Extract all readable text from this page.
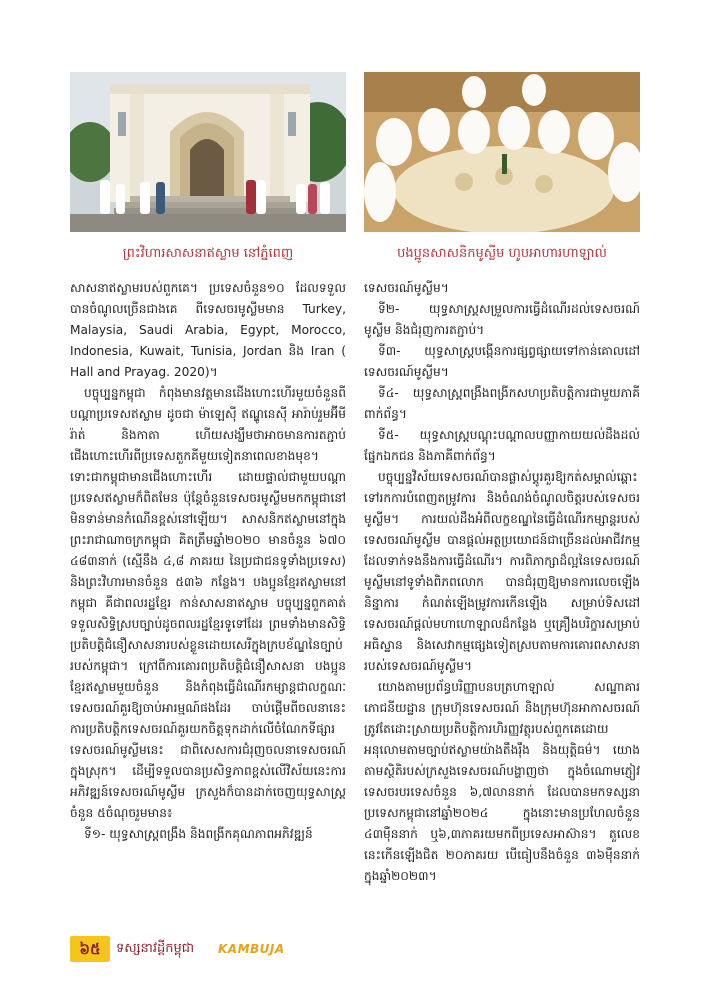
ព្រះវិហារសាសនាឥស្លាម នៅភ្នំពេញ	បងប្អូនសាសនិកមូស្លីម ហូបអាហារហាឡាល់

សាសនាឥស្លាមរបស់ពួកគេ។ ប្រទេសចំនួន១០ ដែលទទួលបានចំណូលច្រើនជាងគេ ពីទេសចរមូស្លីមមាន Turkey, Malaysia, Saudi Arabia, Egypt, Morocco, Indonesia, Kuwait, Tunisia, Jordan និង Iran ( Hall and Prayag. 2020)។

បច្ចុប្បន្នកម្ពុជា កំពុងមានវត្តមានដើងហោះហើរមួយចំនួនពីបណ្តាប្រទេសឥស្លាម ដូចជា ម៉ាឡេស៊ី ឥណ្ឌូនេស៊ី អារ៉ាប់រួមអ៊ីមីរ៉ាត់ និងកាតា ហើយសង្ឃឹមថាអាចមានការតភ្ជាប់ជើងហោះហើរពីប្រទេសតួកគីមួយទៀតនាពេលខាងមុខ។ ទោះជាកម្ពុជាមានជើងហោះហើរ ដោយផ្ទាល់ជាមួយបណ្តាប្រទេសឥស្លាមក៏ពិតមែន ប៉ុន្តែចំនួនទេសចរមូស្លីមមកកម្ពុជានៅមិនទាន់មានកំណើនខ្ពស់នៅឡើយ។ សាសនិកឥស្លាមនៅក្នុងព្រះរាជាណាចក្រកម្ពុជា គិតត្រឹមឆ្នាំ២០២០ មានចំនួន ៦៧០ ៤៨៣នាក់ (ស្មើនឹង ៤,៨ ភាគរយ នៃប្រជាជនទូទាំងប្រទេស) និងព្រះវិហារមានចំនួន ៥៣៦ កន្លែង។ បងប្អូនខ្មែរឥស្លាមនៅកម្ពុជា គឺជាពលរដ្ឋខ្មែរ កាន់សាសនាឥស្លាម បច្ចុប្បន្នពួកគាត់ទទួលសិទ្ធិស្របច្បាប់ដូចពលរដ្ឋខ្មែរទូទៅដែរ ព្រមទាំងមានសិទ្ធិប្រតិបត្តិជំនឿសាសនារបស់ខ្លួនដោយសេរីក្នុងក្របខ័ណ្ឌនៃច្បាប់របស់កម្ពុជា។ ក្រៅពីការគោរពប្រតិបត្តិជំនឿសាសនា បងប្អូនខ្មែរឥស្លាមមួយចំនួន និងកំពុងធ្វើដំណើរកម្សាន្តជាលក្ខណៈទេសចរណ៍គួរឱ្យចាប់អារម្មណ៍ផងដែរ ចាប់ផ្តើមពីចលនានេះ ការប្រតិបត្តិកទេសចរណ៍គួរយកចិត្តទុកដាក់លើចំណែកទីផ្សារទេសចរណ៍មូស្លីមនេះ ជាពិសេសការជំរុញចលនាទេសចរណ៍ក្នុងស្រុក។ ដើម្បីទទួលបានប្រសិទ្ធភាពខ្ពស់លើវិស័យនេះការអភិវឌ្ឍន៍ទេសចរណ៍មូស្លីម ក្រសួងក៏បានដាក់ចេញយុទ្ធសាស្ត្រចំនួន ៥ចំណុចរួមមាន៖

ទី១- យុទ្ធសាស្ត្រពង្រឹង និងពង្រីកគុណភាពអភិវឌ្ឍន៍

ទេសចរណ៍មូស្លីម។

ទី២- យុទ្ធសាស្ត្រសម្រួលការធ្វើដំណើរដល់ទេសចរណ៍មូស្លីម និងជំរុញការតភ្ជាប់។

ទី៣- យុទ្ធសាស្ត្របង្កើនការផ្សព្វផ្សាយទៅកាន់គោលដៅទេសចរណ៍មូស្លីម។

ទី៤- យុទ្ធសាស្ត្រពង្រឹងពង្រីកសហប្រតិបត្តិការជាមួយភាគីពាក់ព័ន្ធ។

ទី៥- យុទ្ធសាស្ត្របណ្តុះបណ្តាលបញ្ញាកាយយល់ដឹងដល់ផ្នែកឯកជន និងភាគីពាក់ព័ន្ធ។

បច្ចុប្បន្នវិស័យទេសចរណ៍បានផ្លាស់ប្តូរគួរឱ្យកត់សម្គាល់ឆ្ពោះទៅរកការបំពេញតម្រូវការ និងចំណង់ចំណូលចិត្តរបស់ទេសចរមូស្លីម។ ការយល់ដឹងអំពីលក្ខខណ្ឌនៃធ្វើដំណើរកម្សាន្តរបស់ទេសចរណ៍មូស្លីម បានផ្តល់អត្ថប្រយោជន៍ជាច្រើនដល់អាជីវកម្ម ដែលទាក់ទងនឹងការធ្វើដំណើរ។ ការពិភាក្សាដ៏ល្អនៃទេសចរណ៍មូស្លីមនៅទូទាំងពិភពលោក បានជំរុញឱ្យមានការលេចឡើងនិន្នាការ កំណត់ឡើងម្រូវការកើនឡើង សម្រាប់ទិសដៅទេសចរណ៍ផ្តល់មហាហោឡាលដ៏កន្លែង ឬគ្រឿងបរិក្ខារសម្រាប់អធិស្ឋាន និងសេវាកម្មផ្សេងទៀតស្របតាមការគោរពសាសនារបស់ទេសចរណ៍មូស្លីម។

យោងតាមប្រព័ន្ធបរិញ្ញាបនបត្រហាឡាល់ សណ្ឋាគារ ភោជនីយដ្ឋាន ក្រុមហ៊ុនទេសចរណ៍ និងក្រុមហ៊ុនអាកាសចរណ៍ត្រូវតែដោះស្រាយប្រតិបត្តិការហិរញ្ញវត្ថុរបស់ពួកគេដោយអនុលោមតាមច្បាប់ឥស្លាមយ៉ាងតឹងរ៉ឹង និងយុត្តិធម៌។ យោងតាមស្ថិតិរបស់ក្រសួងទេសចរណ៍បង្ហាញថា ក្នុងចំណោមភ្ញៀវទេសចរបរទេសចំនួន ៦,៧លាននាក់ ដែលបានមកទស្សនាប្រទេសកម្ពុជានៅឆ្នាំ២០២៤ ក្នុងនោះមានប្រហែលចំនួន ៤៣ម៉ឺននាក់ ឬ៦,៣ភាគរយមកពីប្រទេសអាស៊ាន។ តួលេខនេះកើនឡើងជិត ២០ភាគរយ បើធៀបនឹងចំនួន ៣៦ម៉ឺននាក់ក្នុងឆ្នាំ២០២៣។

៦៥	ទស្សនាវដ្តីកម្ពុជា KAMBUJA
